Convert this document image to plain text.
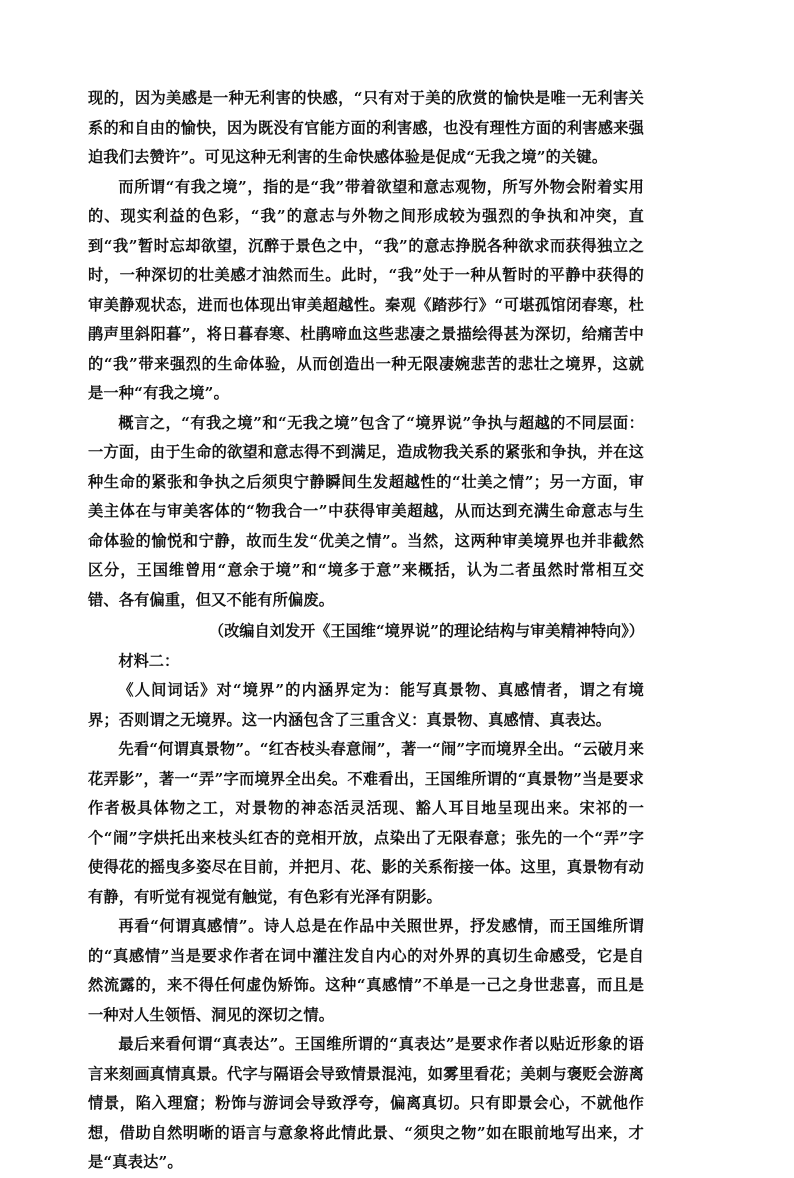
现的，因为美感是一种无利害的快感，“只有对于美的欣赏的愉快是唯一无利害关系的和自由的愉快，因为既没有官能方面的利害感，也没有理性方面的利害感来强迫我们去赞许”。可见这种无利害的生命快感体验是促成“无我之境”的关键。

而所谓“有我之境”，指的是“我”带着欲望和意志观物，所写外物会附着实用的、现实利益的色彩，“我”的意志与外物之间形成较为强烈的争执和冲突，直到“我”暂时忘却欲望，沉醉于景色之中，“我”的意志挣脱各种欲求而获得独立之时，一种深切的壮美感才油然而生。此时，“我”处于一种从暂时的平静中获得的审美静观状态，进而也体现出审美超越性。秦观《踏莎行》“可堪孤馆闭春寒，杜鹃声里斜阳暮”，将日暮春寒、杜鹃啼血这些悲凄之景描绘得甚为深切，给痛苦中的“我”带来强烈的生命体验，从而创造出一种无限凄婉悲苦的悲壮之境界，这就是一种“有我之境”。

概言之，“有我之境”和“无我之境”包含了“境界说”争执与超越的不同层面：一方面，由于生命的欲望和意志得不到满足，造成物我关系的紧张和争执，并在这种生命的紧张和争执之后须臾宁静瞬间生发超越性的“壮美之情”；另一方面，审美主体在与审美客体的“物我合一”中获得审美超越，从而达到充满生命意志与生命体验的愉悦和宁静，故而生发“优美之情”。当然，这两种审美境界也并非截然区分，王国维曾用“意余于境”和“境多于意”来概括，认为二者虽然时常相互交错、各有偏重，但又不能有所偏废。

（改编自刘发开《王国维“境界说”的理论结构与审美精神特向》）

材料二：

《人间词话》对“境界”的内涵界定为：能写真景物、真感情者，谓之有境界；否则谓之无境界。这一内涵包含了三重含义：真景物、真感情、真表达。

先看“何谓真景物”。“红杏枝头春意闹”，著一“闹”字而境界全出。“云破月来花弄影”，著一“弄”字而境界全出矣。不难看出，王国维所谓的“真景物”当是要求作者极具体物之工，对景物的神态活灵活现、豁人耳目地呈现出来。宋祁的一个“闹”字烘托出来枝头红杏的竞相开放，点染出了无限春意；张先的一个“弄”字使得花的摇曳多姿尽在目前，并把月、花、影的关系衔接一体。这里，真景物有动有静，有听觉有视觉有触觉，有色彩有光泽有阴影。

再看“何谓真感情”。诗人总是在作品中关照世界，抒发感情，而王国维所谓的“真感情”当是要求作者在词中灌注发自内心的对外界的真切生命感受，它是自然流露的，来不得任何虚伪矫饰。这种“真感情”不单是一己之身世悲喜，而且是一种对人生领悟、洞见的深切之情。

最后来看何谓“真表达”。王国维所谓的“真表达”是要求作者以贴近形象的语言来刻画真情真景。代字与隔语会导致情景混沌，如雾里看花；美刺与褒贬会游离情景，陷入理窟；粉饰与游词会导致浮夸，偏离真切。只有即景会心，不就他作想，借助自然明晰的语言与意象将此情此景、“须臾之物”如在眼前地写出来，才是“真表达”。
